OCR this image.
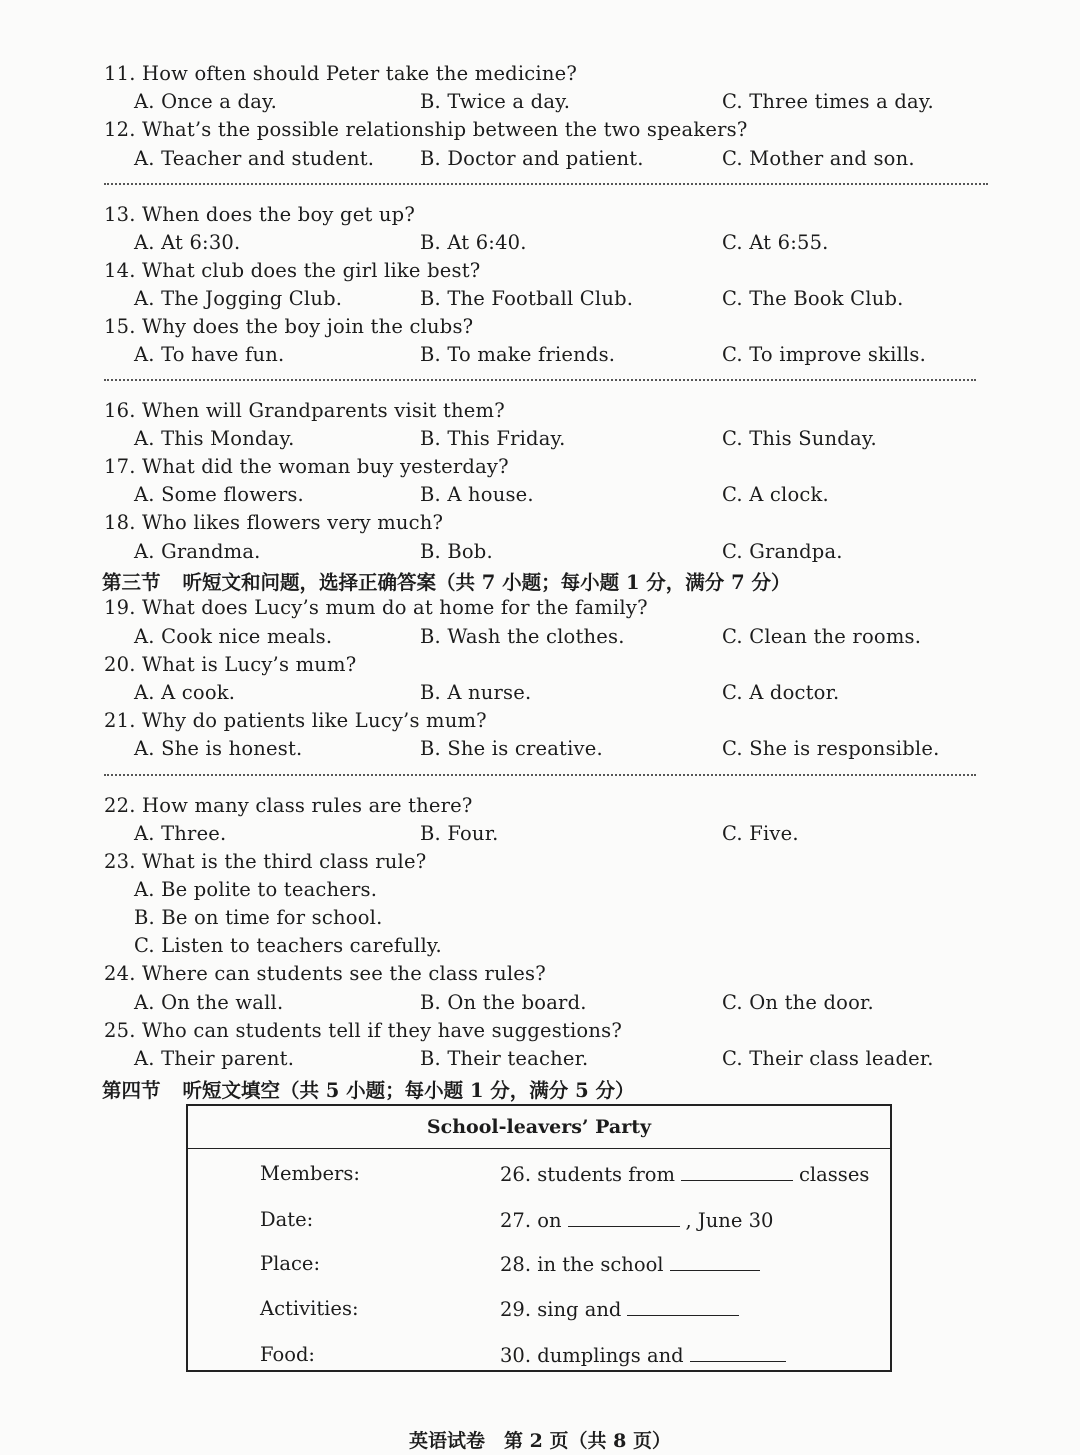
11. How often should Peter take the medicine?
A. Once a day.	B. Twice a day.	C. Three times a day.
12. What’s the possible relationship between the two speakers?
A. Teacher and student. B. Doctor and patient.	C. Mother and son.
13. When does the boy get up?
A. At 6:30.	B. At 6:40.	C. At 6:55.
14. What club does the girl like best?
A. The Jogging Club.	B. The Football Club.	C. The Book Club.
15. Why does the boy join the clubs?
A. To have fun.	B. To make friends.	C. To improve skills.
16. When will Grandparents visit them?
A. This Monday.	B. This Friday.	C. This Sunday.
17. What did the woman buy yesterday?
A. Some flowers.	B. A house.	C. A clock.
18. Who likes flowers very much?
A. Grandma.	B. Bob.	C. Grandpa.
第三节 听短文和问题，选择正确答案（共 7 小题；每小题 1 分，满分 7 分）
19. What does Lucy’s mum do at home for the family?
A. Cook nice meals.	B. Wash the clothes.	C. Clean the rooms.
20. What is Lucy’s mum?
A. A cook.	B. A nurse.	C. A doctor.
21. Why do patients like Lucy’s mum?
A. She is honest.	B. She is creative.	C. She is responsible.
22. How many class rules are there?
A. Three.	B. Four.	C. Five.
23. What is the third class rule?
A. Be polite to teachers.
B. Be on time for school.
C. Listen to teachers carefully.
24. Where can students see the class rules?
A. On the wall.	B. On the board.	C. On the door.
25. Who can students tell if they have suggestions?
A. Their parent.	B. Their teacher.	C. Their class leader.
第四节 听短文填空（共 5 小题；每小题 1 分，满分 5 分）
School-leavers’ Party
Members:	26. students from	classes
Date:	27. on	, June 30
Place:	28. in the school
Activities:	29. sing and
Food:	30. dumplings and
英语试卷　第 2 页（共 8 页）
